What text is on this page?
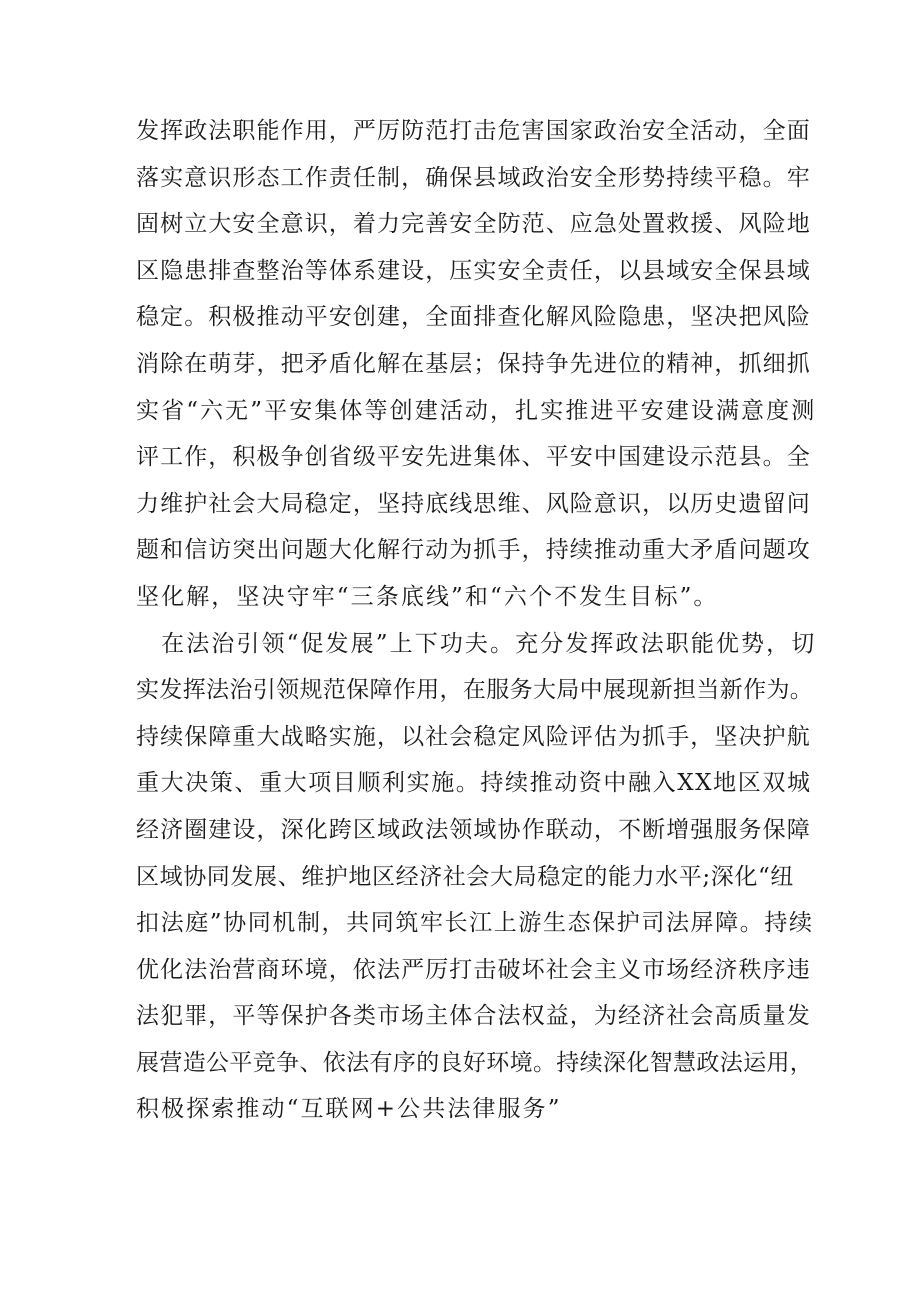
发挥政法职能作用，严厉防范打击危害国家政治安全活动，全面
落实意识形态工作责任制，确保县域政治安全形势持续平稳。牢
固树立大安全意识，着力完善安全防范、应急处置救援、风险地
区隐患排查整治等体系建设，压实安全责任，以县域安全保县域
稳定。积极推动平安创建，全面排查化解风险隐患，坚决把风险
消除在萌芽，把矛盾化解在基层；保持争先进位的精神，抓细抓
实省“六无”平安集体等创建活动，扎实推进平安建设满意度测
评工作，积极争创省级平安先进集体、平安中国建设示范县。全
力维护社会大局稳定，坚持底线思维、风险意识，以历史遗留问
题和信访突出问题大化解行动为抓手，持续推动重大矛盾问题攻
坚化解，坚决守牢“三条底线”和“六个不发生目标”。
　在法治引领“促发展”上下功夫。充分发挥政法职能优势，切
实发挥法治引领规范保障作用，在服务大局中展现新担当新作为。
持续保障重大战略实施，以社会稳定风险评估为抓手，坚决护航
重大决策、重大项目顺利实施。持续推动资中融入XX地区双城
经济圈建设，深化跨区域政法领域协作联动，不断增强服务保障
区域协同发展、维护地区经济社会大局稳定的能力水平;深化“纽
扣法庭”协同机制，共同筑牢长江上游生态保护司法屏障。持续
优化法治营商环境，依法严厉打击破坏社会主义市场经济秩序违
法犯罪，平等保护各类市场主体合法权益，为经济社会高质量发
展营造公平竞争、依法有序的良好环境。持续深化智慧政法运用，
积极探索推动“互联网+公共法律服务”
